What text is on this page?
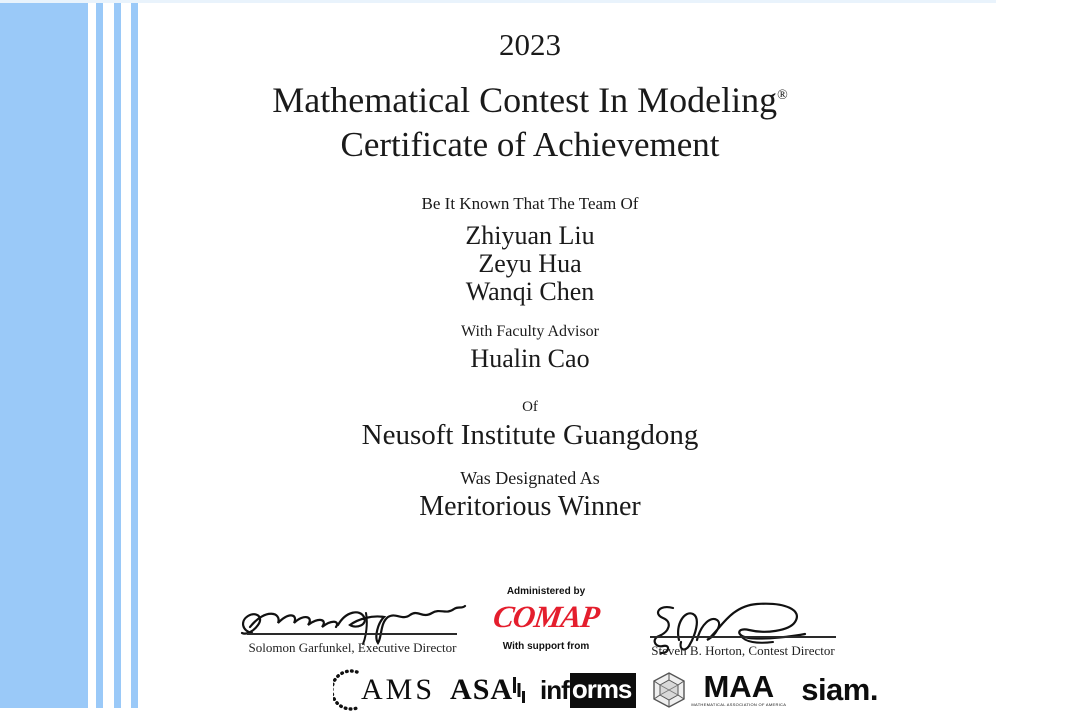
2023
Mathematical Contest In Modeling®
Certificate of Achievement
Be It Known That The Team Of
Zhiyuan Liu
Zeyu Hua
Wanqi Chen
With Faculty Advisor
Hualin Cao
Of
Neusoft Institute Guangdong
Was Designated As
Meritorious Winner
Solomon Garfunkel, Executive Director
Administered by
COMAP
With support from	Steven B. Horton, Contest Director
AMS ASA inf orms MAA
MATHEMATICAL ASSOCIATION OF AMERICA siam.
